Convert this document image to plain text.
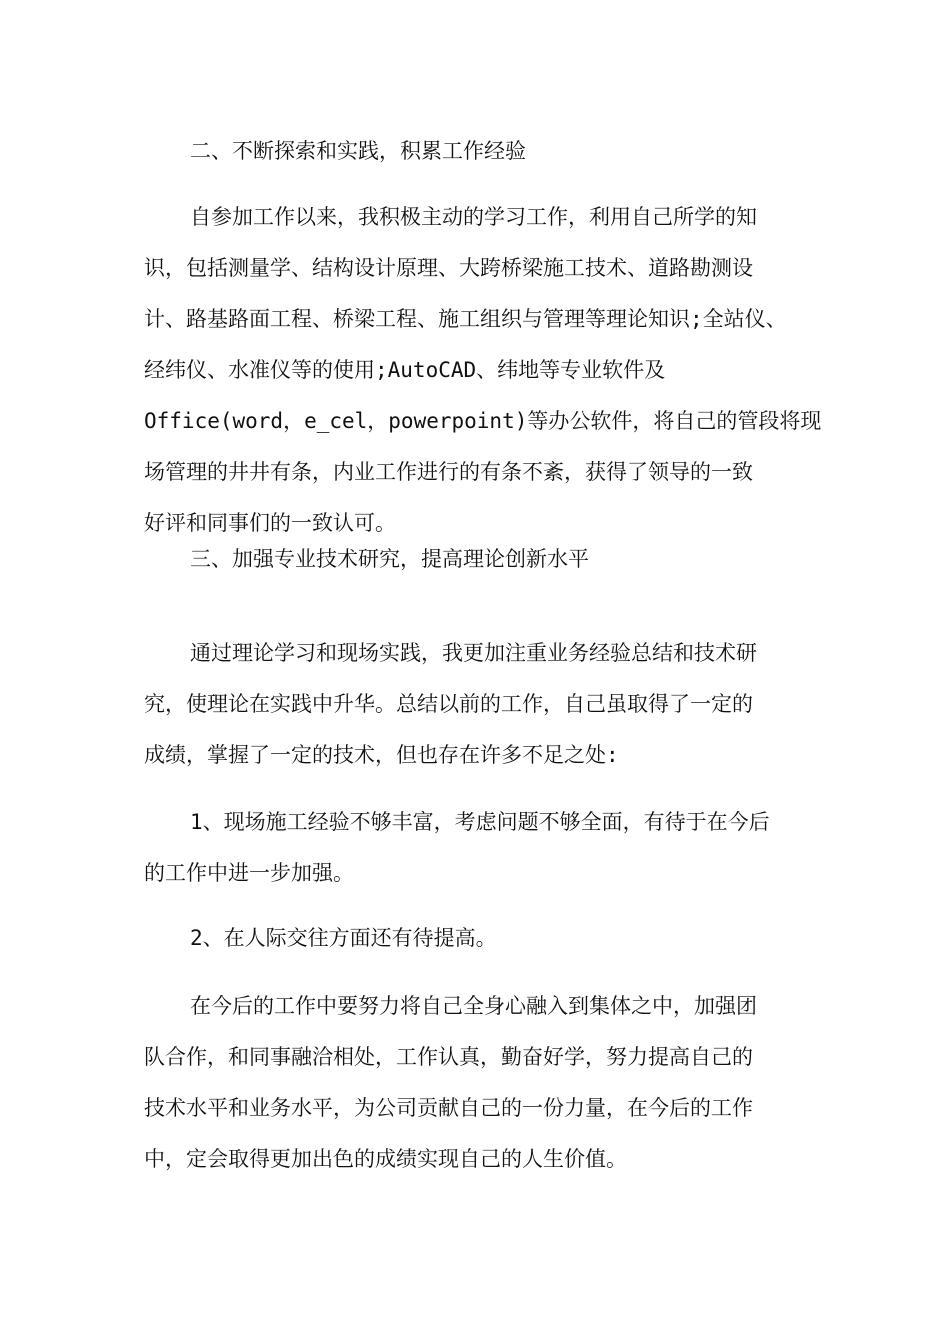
二、不断探索和实践，积累工作经验
自参加工作以来，我积极主动的学习工作，利用自己所学的知
识，包括测量学、结构设计原理、大跨桥梁施工技术、道路勘测设
计、路基路面工程、桥梁工程、施工组织与管理等理论知识;全站仪、
经纬仪、水准仪等的使用;AutoCAD、纬地等专业软件及
Office(word，e_cel，powerpoint)等办公软件，将自己的管段将现
场管理的井井有条，内业工作进行的有条不紊，获得了领导的一致
好评和同事们的一致认可。
三、加强专业技术研究，提高理论创新水平
通过理论学习和现场实践，我更加注重业务经验总结和技术研
究，使理论在实践中升华。总结以前的工作，自己虽取得了一定的
成绩，掌握了一定的技术，但也存在许多不足之处:
1、现场施工经验不够丰富，考虑问题不够全面，有待于在今后
的工作中进一步加强。
2、在人际交往方面还有待提高。
在今后的工作中要努力将自己全身心融入到集体之中，加强团
队合作，和同事融洽相处，工作认真，勤奋好学，努力提高自己的
技术水平和业务水平，为公司贡献自己的一份力量，在今后的工作
中，定会取得更加出色的成绩实现自己的人生价值。
